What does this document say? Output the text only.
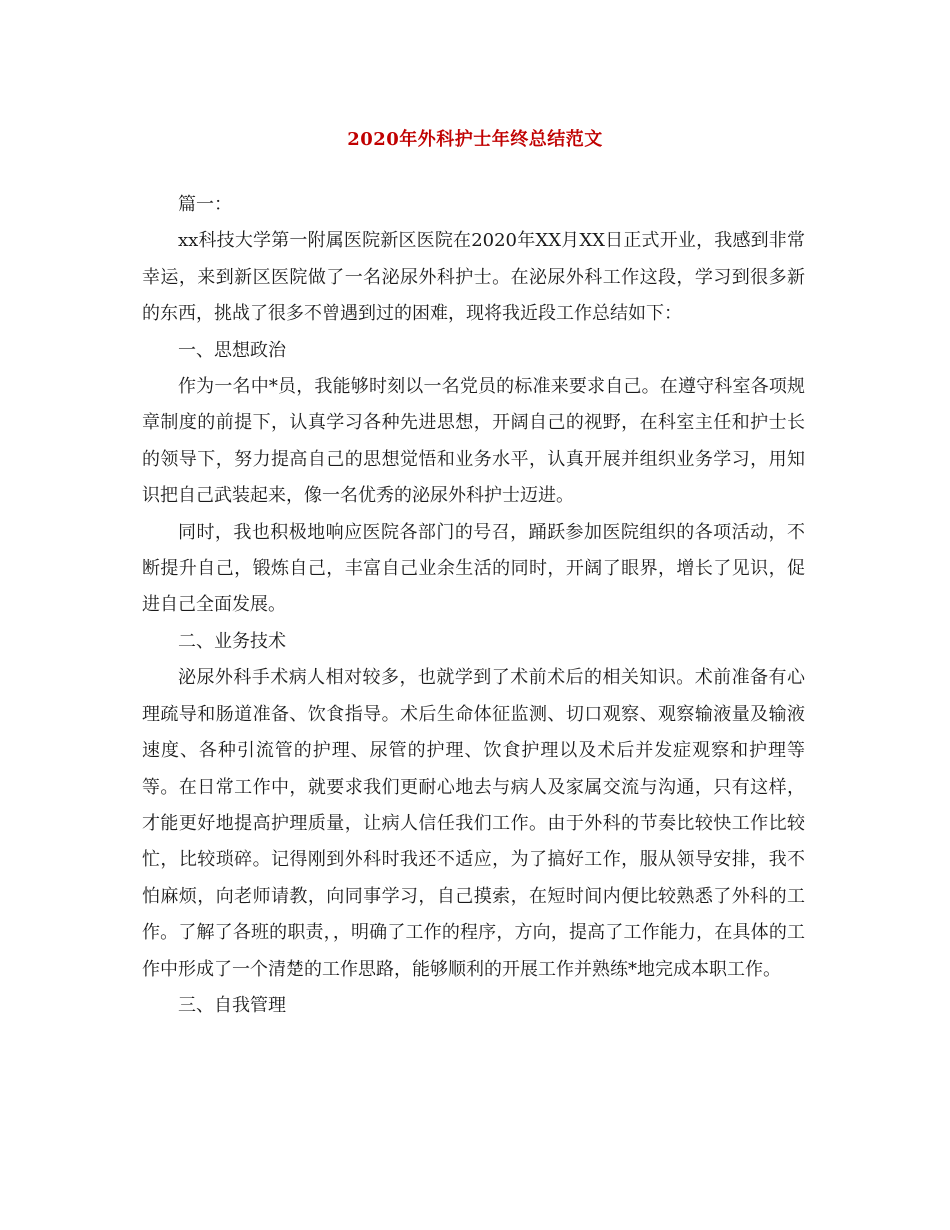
2020年外科护士年终总结范文

篇一：

xx科技大学第一附属医院新区医院在2020年XX月XX日正式开业，我感到非常幸运，来到新区医院做了一名泌尿外科护士。在泌尿外科工作这段，学习到很多新的东西，挑战了很多不曾遇到过的困难，现将我近段工作总结如下：

一、思想政治

作为一名中*员，我能够时刻以一名党员的标准来要求自己。在遵守科室各项规章制度的前提下，认真学习各种先进思想，开阔自己的视野，在科室主任和护士长的领导下，努力提高自己的思想觉悟和业务水平，认真开展并组织业务学习，用知识把自己武装起来，像一名优秀的泌尿外科护士迈进。

同时，我也积极地响应医院各部门的号召，踊跃参加医院组织的各项活动，不断提升自己，锻炼自己，丰富自己业余生活的同时，开阔了眼界，增长了见识，促进自己全面发展。

二、业务技术

泌尿外科手术病人相对较多，也就学到了术前术后的相关知识。术前准备有心理疏导和肠道准备、饮食指导。术后生命体征监测、切口观察、观察输液量及输液速度、各种引流管的护理、尿管的护理、饮食护理以及术后并发症观察和护理等等。在日常工作中，就要求我们更耐心地去与病人及家属交流与沟通，只有这样，才能更好地提高护理质量，让病人信任我们工作。由于外科的节奏比较快工作比较忙，比较琐碎。记得刚到外科时我还不适应，为了搞好工作，服从领导安排，我不怕麻烦，向老师请教，向同事学习，自己摸索，在短时间内便比较熟悉了外科的工作。了解了各班的职责，，明确了工作的程序，方向，提高了工作能力，在具体的工作中形成了一个清楚的工作思路，能够顺利的开展工作并熟练*地完成本职工作。

三、自我管理
